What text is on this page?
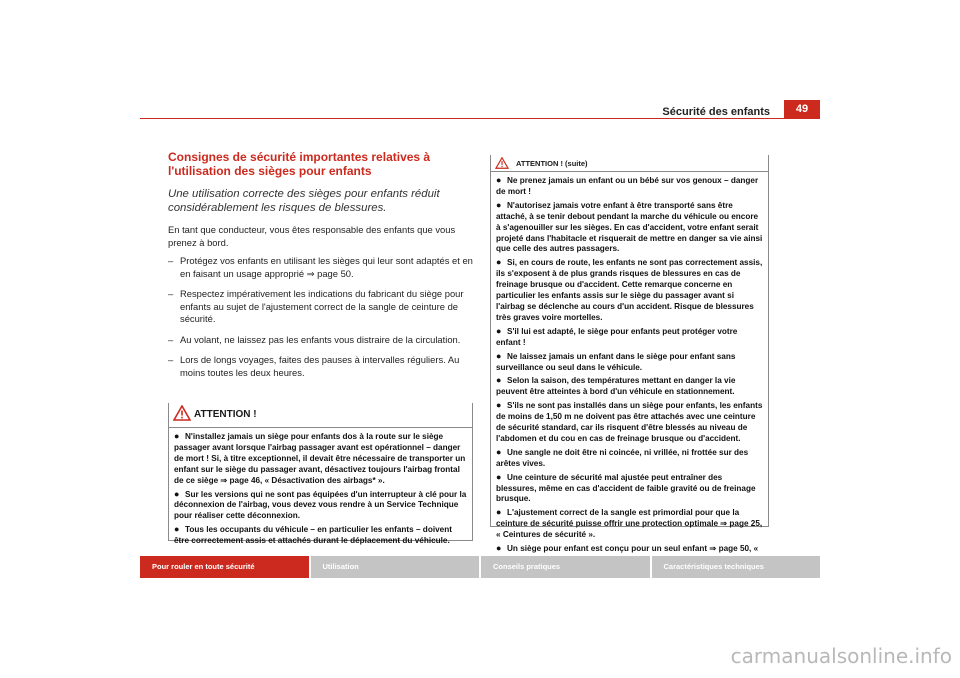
Sécurité des enfants	49
Consignes de sécurité importantes relatives à l'utilisation des sièges pour enfants

Une utilisation correcte des sièges pour enfants réduit considérablement les risques de blessures.

En tant que conducteur, vous êtes responsable des enfants que vous prenez à bord.

– Protégez vos enfants en utilisant les sièges qui leur sont adaptés et en en faisant un usage approprié ⇒ page 50.
– Respectez impérativement les indications du fabricant du siège pour enfants au sujet de l'ajustement correct de la sangle de ceinture de sécurité.
– Au volant, ne laissez pas les enfants vous distraire de la circulation.
– Lors de longs voyages, faites des pauses à intervalles réguliers. Au moins toutes les deux heures.
ATTENTION !

● N'installez jamais un siège pour enfants dos à la route sur le siège passager avant lorsque l'airbag passager avant est opérationnel – danger de mort ! Si, à titre exceptionnel, il devait être nécessaire de transporter un enfant sur le siège du passager avant, désactivez toujours l'airbag frontal de ce siège ⇒ page 46, « Désactivation des airbags* ».

● Sur les versions qui ne sont pas équipées d'un interrupteur à clé pour la déconnexion de l'airbag, vous devez vous rendre à un Service Technique pour réaliser cette déconnexion.

● Tous les occupants du véhicule – en particulier les enfants – doivent être correctement assis et attachés durant le déplacement du véhicule.

ATTENTION ! (suite)

● Ne prenez jamais un enfant ou un bébé sur vos genoux – danger de mort !

● N'autorisez jamais votre enfant à être transporté sans être attaché, à se tenir debout pendant la marche du véhicule ou encore à s'agenouiller sur les sièges. En cas d'accident, votre enfant serait projeté dans l'habitacle et risquerait de mettre en danger sa vie ainsi que celle des autres passagers.

● Si, en cours de route, les enfants ne sont pas correctement assis, ils s'exposent à de plus grands risques de blessures en cas de freinage brusque ou d'accident. Cette remarque concerne en particulier les enfants assis sur le siège du passager avant si l'airbag se déclenche au cours d'un accident. Risque de blessures très graves voire mortelles.

● S'il lui est adapté, le siège pour enfants peut protéger votre enfant !

● Ne laissez jamais un enfant dans le siège pour enfant sans surveillance ou seul dans le véhicule.

● Selon la saison, des températures mettant en danger la vie peuvent être atteintes à bord d'un véhicule en stationnement.

● S'ils ne sont pas installés dans un siège pour enfants, les enfants de moins de 1,50 m ne doivent pas être attachés avec une ceinture de sécurité standard, car ils risquent d'être blessés au niveau de l'abdomen et du cou en cas de freinage brusque ou d'accident.

● Une sangle ne doit être ni coincée, ni vrillée, ni frottée sur des arêtes vives.

● Une ceinture de sécurité mal ajustée peut entraîner des blessures, même en cas d'accident de faible gravité ou de freinage brusque.

● L'ajustement correct de la sangle est primordial pour que la ceinture de sécurité puisse offrir une protection optimale ⇒ page 25, « Ceintures de sécurité ».

● Un siège pour enfant est conçu pour un seul enfant ⇒ page 50, «

Pour rouler en toute sécurité	Utilisation	Conseils pratiques	Caractéristiques techniques
carmanualsonline.info
